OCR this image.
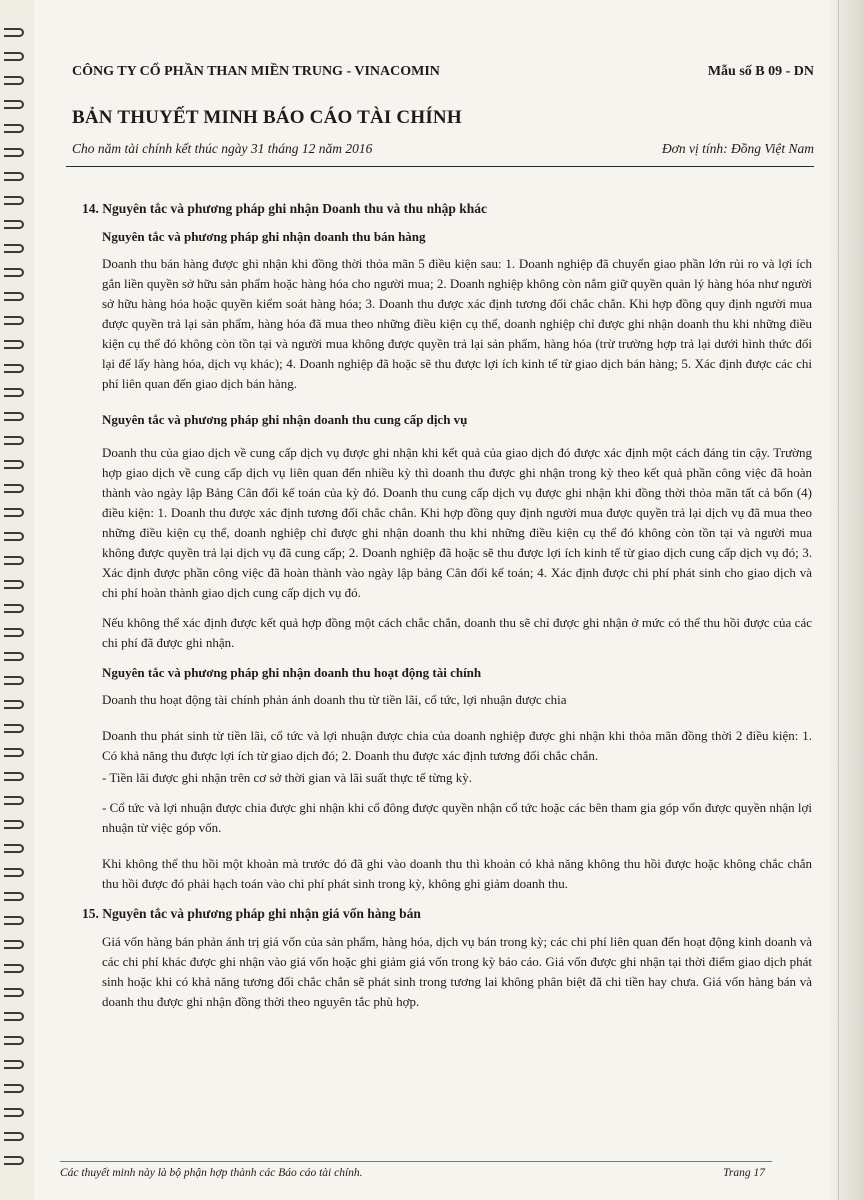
CÔNG TY CỔ PHẦN THAN MIỀN TRUNG - VINACOMIN	Mẫu số B 09 - DN
BẢN THUYẾT MINH BÁO CÁO TÀI CHÍNH
Cho năm tài chính kết thúc ngày 31 tháng 12 năm 2016	Đơn vị tính: Đồng Việt Nam
14. Nguyên tắc và phương pháp ghi nhận Doanh thu và thu nhập khác
Nguyên tắc và phương pháp ghi nhận doanh thu bán hàng
Doanh thu bán hàng được ghi nhận khi đồng thời thỏa mãn 5 điều kiện sau: 1. Doanh nghiệp đã chuyển giao phần lớn rủi ro và lợi ích gắn liền quyền sở hữu sản phẩm hoặc hàng hóa cho người mua; 2. Doanh nghiệp không còn nắm giữ quyền quản lý hàng hóa như người sở hữu hàng hóa hoặc quyền kiểm soát hàng hóa; 3. Doanh thu được xác định tương đối chắc chắn. Khi hợp đồng quy định người mua được quyền trả lại sản phẩm, hàng hóa đã mua theo những điều kiện cụ thể, doanh nghiệp chỉ được ghi nhận doanh thu khi những điều kiện cụ thể đó không còn tồn tại và người mua không được quyền trả lại sản phẩm, hàng hóa (trừ trường hợp trả lại dưới hình thức đổi lại để lấy hàng hóa, dịch vụ khác); 4. Doanh nghiệp đã hoặc sẽ thu được lợi ích kinh tế từ giao dịch bán hàng; 5. Xác định được các chi phí liên quan đến giao dịch bán hàng.
Nguyên tắc và phương pháp ghi nhận doanh thu cung cấp dịch vụ
Doanh thu của giao dịch về cung cấp dịch vụ được ghi nhận khi kết quả của giao dịch đó được xác định một cách đáng tin cậy. Trường hợp giao dịch về cung cấp dịch vụ liên quan đến nhiều kỳ thì doanh thu được ghi nhận trong kỳ theo kết quả phần công việc đã hoàn thành vào ngày lập Bảng Cân đối kế toán của kỳ đó. Doanh thu cung cấp dịch vụ được ghi nhận khi đồng thời thỏa mãn tất cả bốn (4) điều kiện: 1. Doanh thu được xác định tương đối chắc chắn. Khi hợp đồng quy định người mua được quyền trả lại dịch vụ đã mua theo những điều kiện cụ thể, doanh nghiệp chỉ được ghi nhận doanh thu khi những điều kiện cụ thể đó không còn tồn tại và người mua không được quyền trả lại dịch vụ đã cung cấp; 2. Doanh nghiệp đã hoặc sẽ thu được lợi ích kinh tế từ giao dịch cung cấp dịch vụ đó; 3. Xác định được phần công việc đã hoàn thành vào ngày lập bảng Cân đối kế toán; 4. Xác định được chi phí phát sinh cho giao dịch và chi phí hoàn thành giao dịch cung cấp dịch vụ đó.
Nếu không thể xác định được kết quả hợp đồng một cách chắc chắn, doanh thu sẽ chỉ được ghi nhận ở mức có thể thu hồi được của các chi phí đã được ghi nhận.
Nguyên tắc và phương pháp ghi nhận doanh thu hoạt động tài chính
Doanh thu hoạt động tài chính phản ánh doanh thu từ tiền lãi, cổ tức, lợi nhuận được chia
Doanh thu phát sinh từ tiền lãi, cổ tức và lợi nhuận được chia của doanh nghiệp được ghi nhận khi thỏa mãn đồng thời 2 điều kiện: 1. Có khả năng thu được lợi ích từ giao dịch đó; 2. Doanh thu được xác định tương đối chắc chắn.
- Tiền lãi được ghi nhận trên cơ sở thời gian và lãi suất thực tế từng kỳ.
- Cổ tức và lợi nhuận được chia được ghi nhận khi cổ đông được quyền nhận cổ tức hoặc các bên tham gia góp vốn được quyền nhận lợi nhuận từ việc góp vốn.
Khi không thể thu hồi một khoản mà trước đó đã ghi vào doanh thu thì khoản có khả năng không thu hồi được hoặc không chắc chắn thu hồi được đó phải hạch toán vào chi phí phát sinh trong kỳ, không ghi giảm doanh thu.
15. Nguyên tắc và phương pháp ghi nhận giá vốn hàng bán
Giá vốn hàng bán phản ánh trị giá vốn của sản phẩm, hàng hóa, dịch vụ bán trong kỳ; các chi phí liên quan đến hoạt động kinh doanh và các chi phí khác được ghi nhận vào giá vốn hoặc ghi giảm giá vốn trong kỳ báo cáo. Giá vốn được ghi nhận tại thời điểm giao dịch phát sinh hoặc khi có khả năng tương đối chắc chắn sẽ phát sinh trong tương lai không phân biệt đã chi tiền hay chưa. Giá vốn hàng bán và doanh thu được ghi nhận đồng thời theo nguyên tắc phù hợp.
Các thuyết minh này là bộ phận hợp thành các Báo cáo tài chính.	Trang 17
